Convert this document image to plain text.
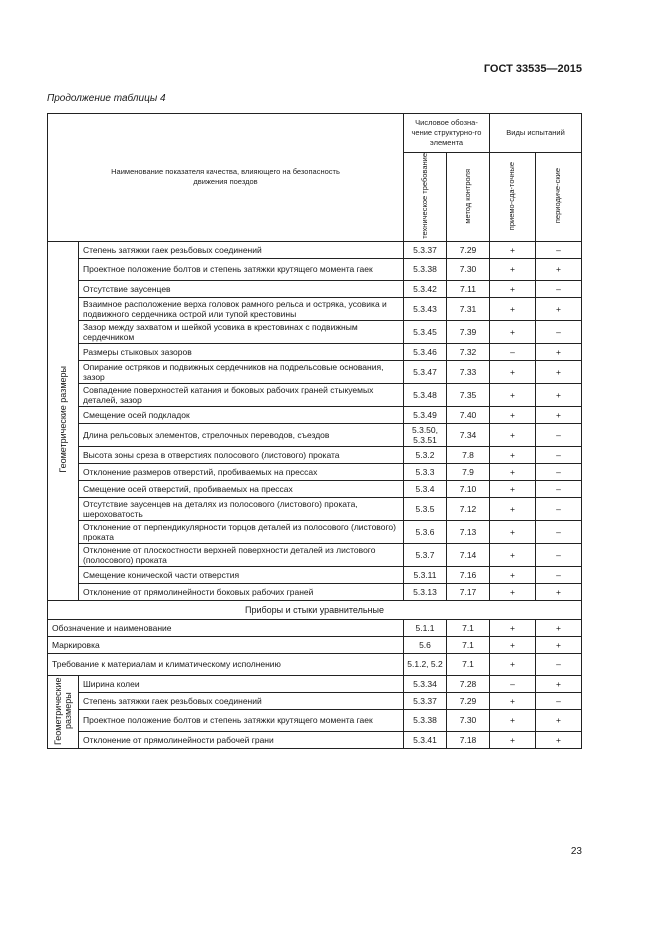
ГОСТ 33535—2015
Продолжение таблицы 4
Наименование показателя качества, влияющего на безопасность движения поездов		Числовое обозна-чение структурно-го элемента		Виды испытаний	
		техническое требование	метод контроля	приемо-сда-точные	периодиче-ские
Геометрические размеры	Степень затяжки гаек резьбовых соединений	5.3.37	7.29	+	–
	Проектное положение болтов и степень затяжки крутящего момента гаек	5.3.38	7.30	+	+
	Отсутствие заусенцев	5.3.42	7.11	+	–
	Взаимное расположение верха головок рамного рельса и остряка, усовика и подвижного сердечника острой или тупой крестовины	5.3.43	7.31	+	+
	Зазор между захватом и шейкой усовика в крестовинах с подвижным сердечником	5.3.45	7.39	+	–
	Размеры стыковых зазоров	5.3.46	7.32	–	+
	Опирание остряков и подвижных сердечников на подрельсовые основания, зазор	5.3.47	7.33	+	+
	Совпадение поверхностей катания и боковых рабочих граней стыкуемых деталей, зазор	5.3.48	7.35	+	+
	Смещение осей подкладок	5.3.49	7.40	+	+
	Длина рельсовых элементов, стрелочных переводов, съездов	5.3.50, 5.3.51	7.34	+	–
	Высота зоны среза в отверстиях полосового (листового) проката	5.3.2	7.8	+	–
	Отклонение размеров отверстий, пробиваемых на прессах	5.3.3	7.9	+	–
	Смещение осей отверстий, пробиваемых на прессах	5.3.4	7.10	+	–
	Отсутствие заусенцев на деталях из полосового (листового) проката, шероховатость	5.3.5	7.12	+	–
	Отклонение от перпендикулярности торцов деталей из полосового (листового) проката	5.3.6	7.13	+	–
	Отклонение от плоскостности верхней поверхности деталей из листового (полосового) проката	5.3.7	7.14	+	–
	Смещение конической части отверстия	5.3.11	7.16	+	–
	Отклонение от прямолинейности боковых рабочих граней	5.3.13	7.17	+	+
Приборы и стыки уравнительные					
Обозначение и наименование		5.1.1	7.1	+	+
Маркировка		5.6	7.1	+	+
Требование к материалам и климатическому исполнению		5.1.2, 5.2	7.1	+	–
Геометрические размеры	Ширина колеи	5.3.34	7.28	–	+
	Степень затяжки гаек резьбовых соединений	5.3.37	7.29	+	–
	Проектное положение болтов и степень затяжки крутящего момента гаек	5.3.38	7.30	+	+
	Отклонение от прямолинейности рабочей грани	5.3.41	7.18	+	+
23
